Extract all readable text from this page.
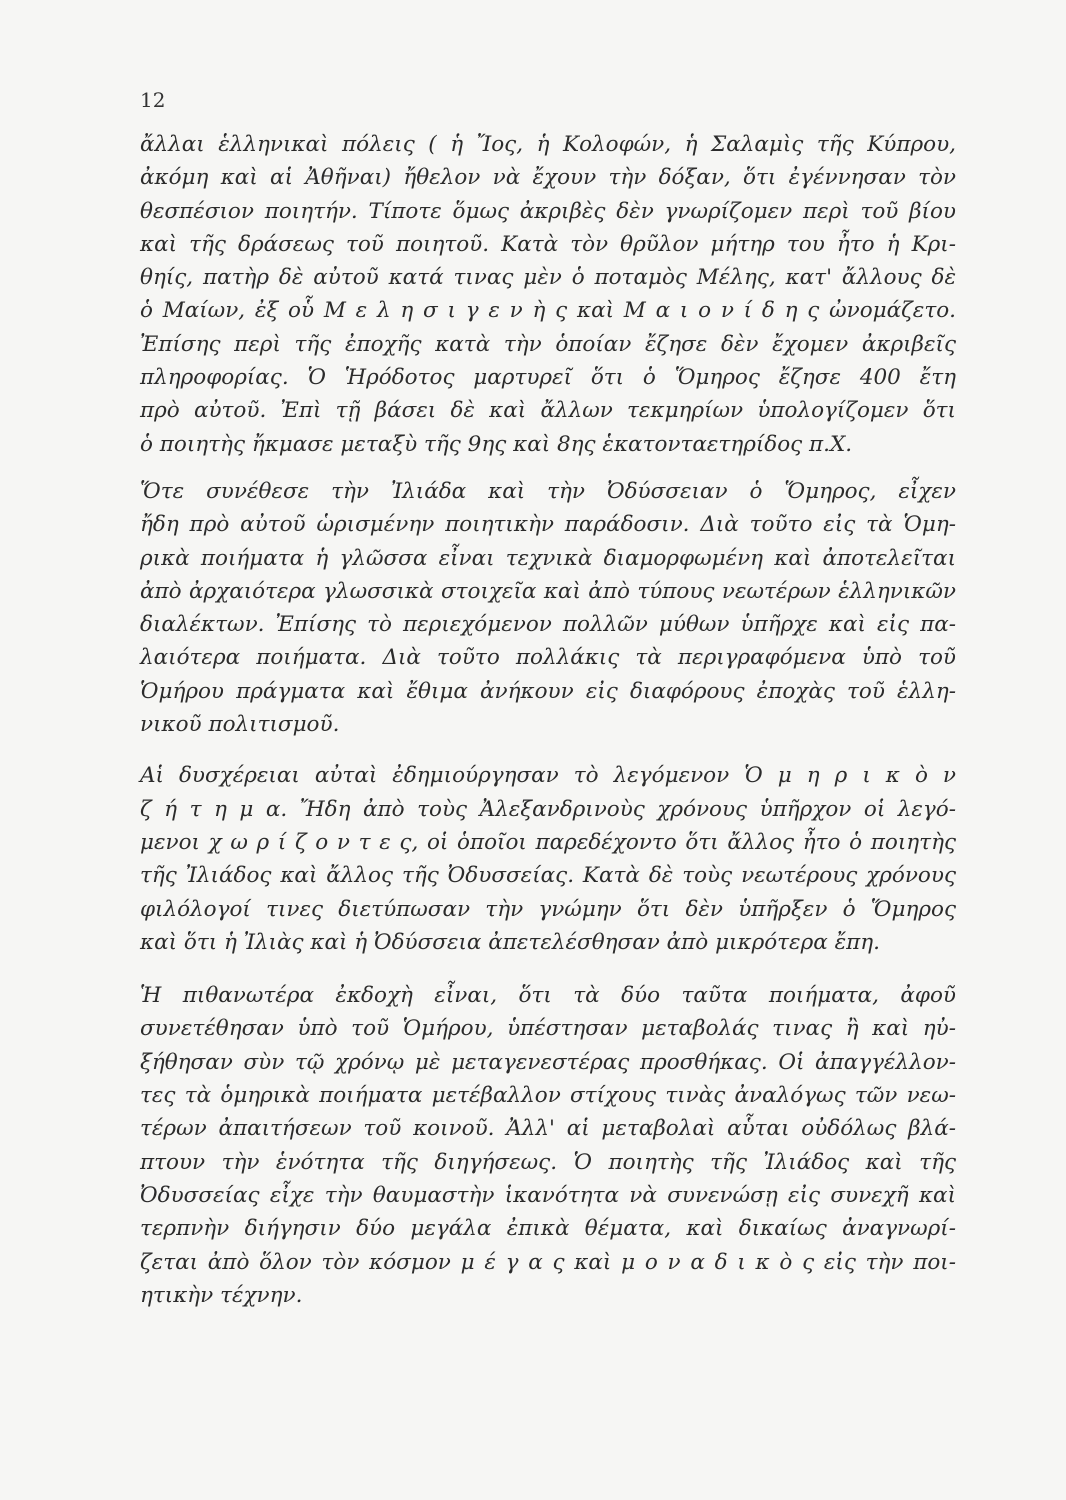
12
ἄλλαι ἑλληνικαὶ πόλεις ( ἡ Ἴος, ἡ Κολοφών, ἡ Σαλαμὶς τῆς Κύπρου,
ἀκόμη καὶ αἱ Ἀθῆναι) ἤθελον νὰ ἔχουν τὴν δόξαν, ὅτι ἐγέννησαν τὸν
θεσπέσιον ποιητήν. Τίποτε ὅμως ἀκριβὲς δὲν γνωρίζομεν περὶ τοῦ βίου
καὶ τῆς δράσεως τοῦ ποιητοῦ. Κατὰ τὸν θρῦλον μήτηρ του ἦτο ἡ Κρι-
θηίς, πατὴρ δὲ αὐτοῦ κατά τινας μὲν ὁ ποταμὸς Μέλης, κατ' ἄλλους δὲ
ὁ Μαίων, ἐξ οὗ Μ ε λ η σ ι γ ε ν ὴ ς καὶ Μ α ι ο ν ί δ η ς ὠνομάζετο.
Ἐπίσης περὶ τῆς ἐποχῆς κατὰ τὴν ὁποίαν ἔζησε δὲν ἔχομεν ἀκριβεῖς
πληροφορίας. Ὁ Ἡρόδοτος μαρτυρεῖ ὅτι ὁ Ὅμηρος ἔζησε 400 ἔτη
πρὸ αὐτοῦ. Ἐπὶ τῇ βάσει δὲ καὶ ἄλλων τεκμηρίων ὑπολογίζομεν ὅτι
ὁ ποιητὴς ἤκμασε μεταξὺ τῆς 9ης καὶ 8ης ἑκατονταετηρίδος π.Χ.
Ὅτε συνέθεσε τὴν Ἰλιάδα καὶ τὴν Ὀδύσσειαν ὁ Ὅμηρος, εἶχεν
ἤδη πρὸ αὐτοῦ ὡρισμένην ποιητικὴν παράδοσιν. Διὰ τοῦτο εἰς τὰ Ὁμη-
ρικὰ ποιήματα ἡ γλῶσσα εἶναι τεχνικὰ διαμορφωμένη καὶ ἀποτελεῖται
ἀπὸ ἀρχαιότερα γλωσσικὰ στοιχεῖα καὶ ἀπὸ τύπους νεωτέρων ἑλληνικῶν
διαλέκτων. Ἐπίσης τὸ περιεχόμενον πολλῶν μύθων ὑπῆρχε καὶ εἰς πα-
λαιότερα ποιήματα. Διὰ τοῦτο πολλάκις τὰ περιγραφόμενα ὑπὸ τοῦ
Ὁμήρου πράγματα καὶ ἔθιμα ἀνήκουν εἰς διαφόρους ἐποχὰς τοῦ ἑλλη-
νικοῦ πολιτισμοῦ.
Αἱ δυσχέρειαι αὐταὶ ἐδημιούργησαν τὸ λεγόμενον Ὁ μ η ρ ι κ ὸ ν
ζ ή τ η μ α. Ἤδη ἀπὸ τοὺς Ἀλεξανδρινοὺς χρόνους ὑπῆρχον οἱ λεγό-
μενοι χ ω ρ ί ζ ο ν τ ε ς, οἱ ὁποῖοι παρεδέχοντο ὅτι ἄλλος ἦτο ὁ ποιητὴς
τῆς Ἰλιάδος καὶ ἄλλος τῆς Ὀδυσσείας. Κατὰ δὲ τοὺς νεωτέρους χρόνους
φιλόλογοί τινες διετύπωσαν τὴν γνώμην ὅτι δὲν ὑπῆρξεν ὁ Ὅμηρος
καὶ ὅτι ἡ Ἰλιὰς καὶ ἡ Ὀδύσσεια ἀπετελέσθησαν ἀπὸ μικρότερα ἔπη.
Ἡ πιθανωτέρα ἐκδοχὴ εἶναι, ὅτι τὰ δύο ταῦτα ποιήματα, ἀφοῦ
συνετέθησαν ὑπὸ τοῦ Ὁμήρου, ὑπέστησαν μεταβολάς τινας ἢ καὶ ηὐ-
ξήθησαν σὺν τῷ χρόνῳ μὲ μεταγενεστέρας προσθήκας. Οἱ ἀπαγγέλλον-
τες τὰ ὁμηρικὰ ποιήματα μετέβαλλον στίχους τινὰς ἀναλόγως τῶν νεω-
τέρων ἀπαιτήσεων τοῦ κοινοῦ. Ἀλλ' αἱ μεταβολαὶ αὗται οὐδόλως βλά-
πτουν τὴν ἑνότητα τῆς διηγήσεως. Ὁ ποιητὴς τῆς Ἰλιάδος καὶ τῆς
Ὀδυσσείας εἶχε τὴν θαυμαστὴν ἱκανότητα νὰ συνενώσῃ εἰς συνεχῆ καὶ
τερπνὴν διήγησιν δύο μεγάλα ἐπικὰ θέματα, καὶ δικαίως ἀναγνωρί-
ζεται ἀπὸ ὅλον τὸν κόσμον μ έ γ α ς καὶ μ ο ν α δ ι κ ὸ ς εἰς τὴν ποι-
ητικὴν τέχνην.
